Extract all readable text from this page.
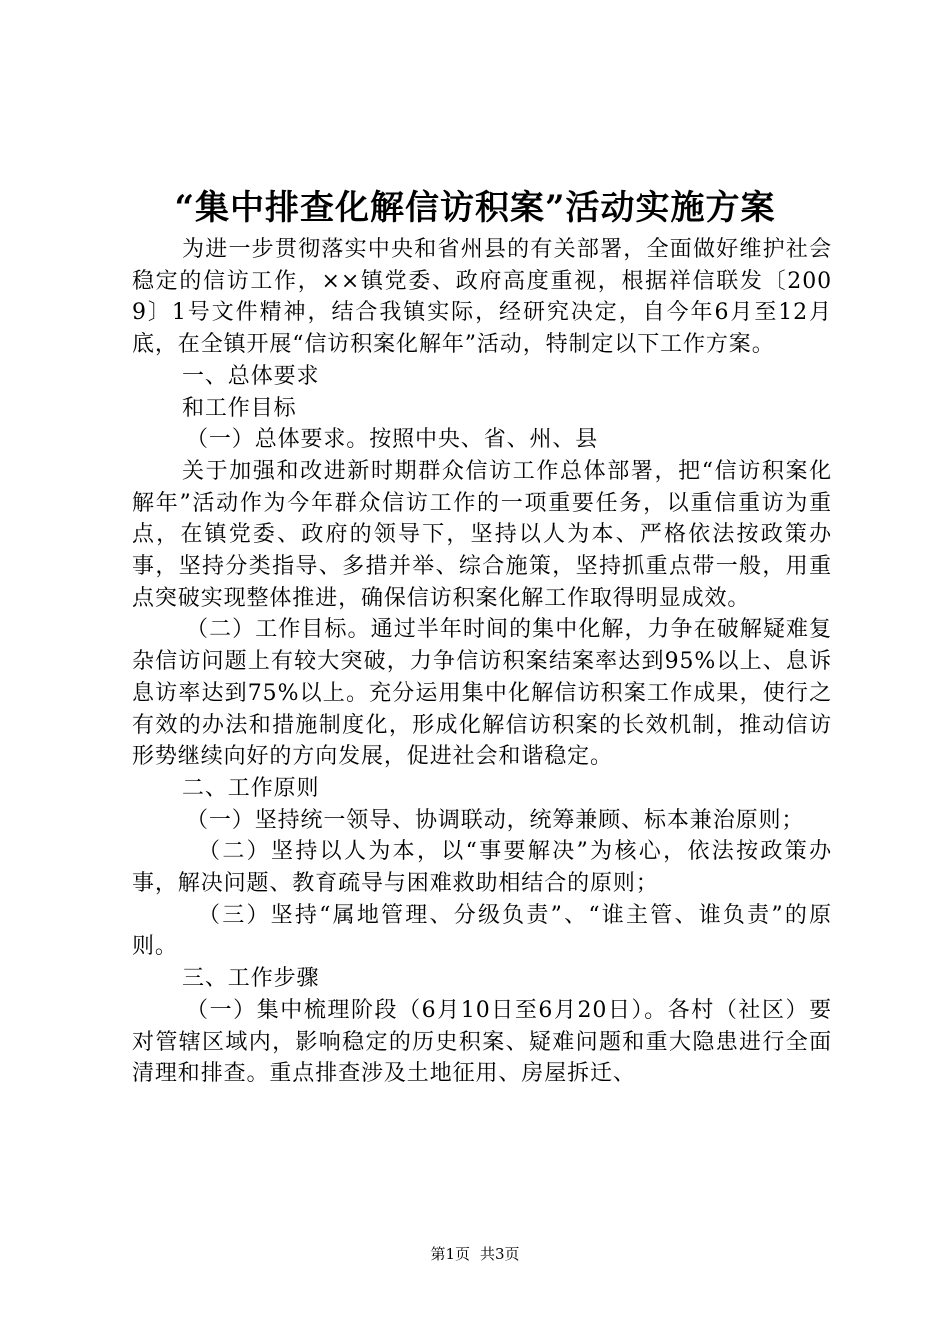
“集中排查化解信访积案”活动实施方案

为进一步贯彻落实中央和省州县的有关部署，全面做好维护社会稳定的信访工作，××镇党委、政府高度重视，根据祥信联发〔2009〕1号文件精神，结合我镇实际，经研究决定，自今年6月至12月底，在全镇开展“信访积案化解年”活动，特制定以下工作方案。

一、总体要求

和工作目标

（一）总体要求。按照中央、省、州、县

关于加强和改进新时期群众信访工作总体部署，把“信访积案化解年”活动作为今年群众信访工作的一项重要任务，以重信重访为重点，在镇党委、政府的领导下，坚持以人为本、严格依法按政策办事，坚持分类指导、多措并举、综合施策，坚持抓重点带一般，用重点突破实现整体推进，确保信访积案化解工作取得明显成效。

（二）工作目标。通过半年时间的集中化解，力争在破解疑难复杂信访问题上有较大突破，力争信访积案结案率达到95%以上、息诉息访率达到75%以上。充分运用集中化解信访积案工作成果，使行之有效的办法和措施制度化，形成化解信访积案的长效机制，推动信访形势继续向好的方向发展，促进社会和谐稳定。

二、工作原则

（一）坚持统一领导、协调联动，统筹兼顾、标本兼治原则；

（二）坚持以人为本，以“事要解决”为核心，依法按政策办事，解决问题、教育疏导与困难救助相结合的原则；

（三）坚持“属地管理、分级负责”、“谁主管、谁负责”的原则。

三、工作步骤

（一）集中梳理阶段（6月10日至6月20日）。各村（社区）要对管辖区域内，影响稳定的历史积案、疑难问题和重大隐患进行全面清理和排查。重点排查涉及土地征用、房屋拆迁、

第1页 共3页
